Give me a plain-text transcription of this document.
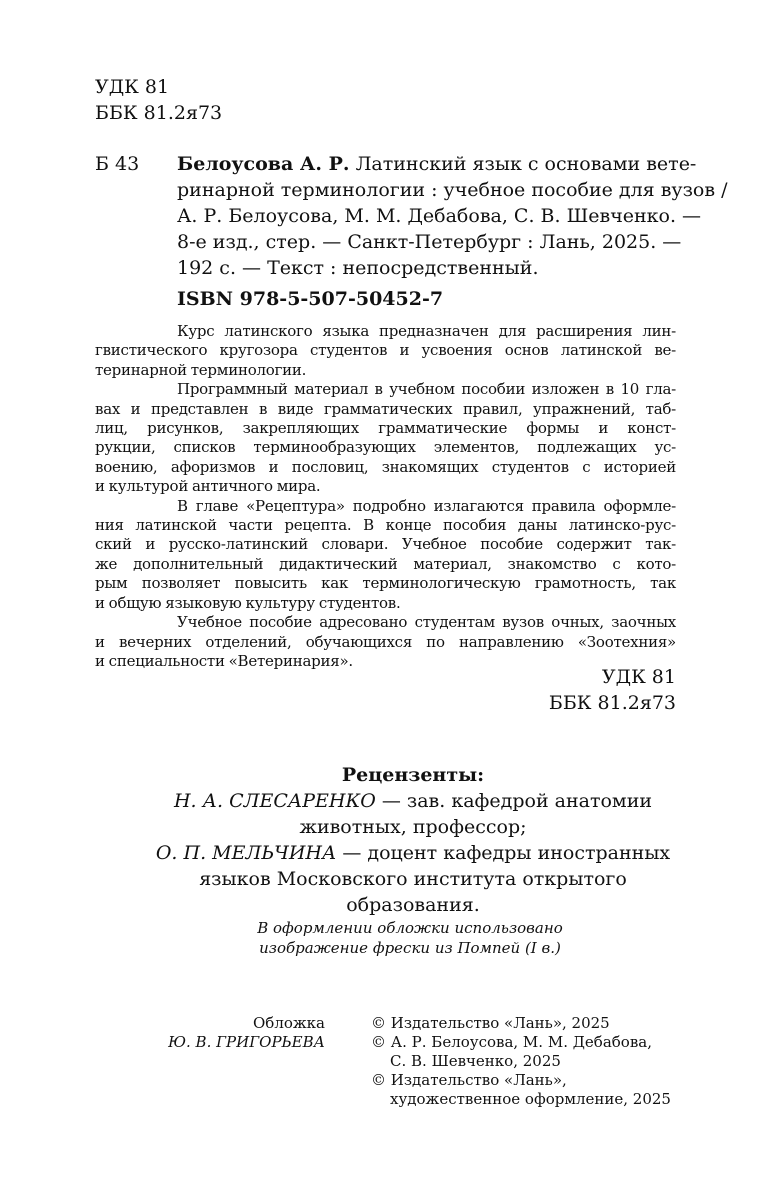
УДК 81
ББК 81.2я73
Б 43	Белоусова А. Р. Латинский язык с основами вете-
ринарной терминологии : учебное пособие для вузов /
А. Р. Белоусова, М. М. Дебабова, С. В. Шевченко. —
8-е изд., стер. — Санкт-Петербург : Лань, 2025. —
192 с. — Текст : непосредственный.
ISBN 978-5-507-50452-7
Курс латинского языка предназначен для расширения лин-
гвистического кругозора студентов и усвоения основ латинской ве-
теринарной терминологии.
Программный материал в учебном пособии изложен в 10 гла-
вах и представлен в виде грамматических правил, упражнений, таб-
лиц, рисунков, закрепляющих грамматические формы и конст-
рукции, списков терминообразующих элементов, подлежащих ус-
воению, афоризмов и пословиц, знакомящих студентов с историей
и культурой античного мира.
В главе «Рецептура» подробно излагаются правила оформле-
ния латинской части рецепта. В конце пособия даны латинско-рус-
ский и русско-латинский словари. Учебное пособие содержит так-
же дополнительный дидактический материал, знакомство с кото-
рым позволяет повысить как терминологическую грамотность, так
и общую языковую культуру студентов.
Учебное пособие адресовано студентам вузов очных, заочных
и вечерних отделений, обучающихся по направлению «Зоотехния»
и специальности «Ветеринария».
УДК 81
ББК 81.2я73
Рецензенты:
Н. А. СЛЕСАРЕНКО — зав. кафедрой анатомии
животных, профессор;
О. П. МЕЛЬЧИНА — доцент кафедры иностранных
языков Московского института открытого образования.
В оформлении обложки использовано
изображение фрески из Помпей (I в.)
Обложка
Ю. В. ГРИГОРЬЕВА
© Издательство «Лань», 2025
© А. Р. Белоусова, М. М. Дебабова,
С. В. Шевченко, 2025
© Издательство «Лань»,
художественное оформление, 2025
